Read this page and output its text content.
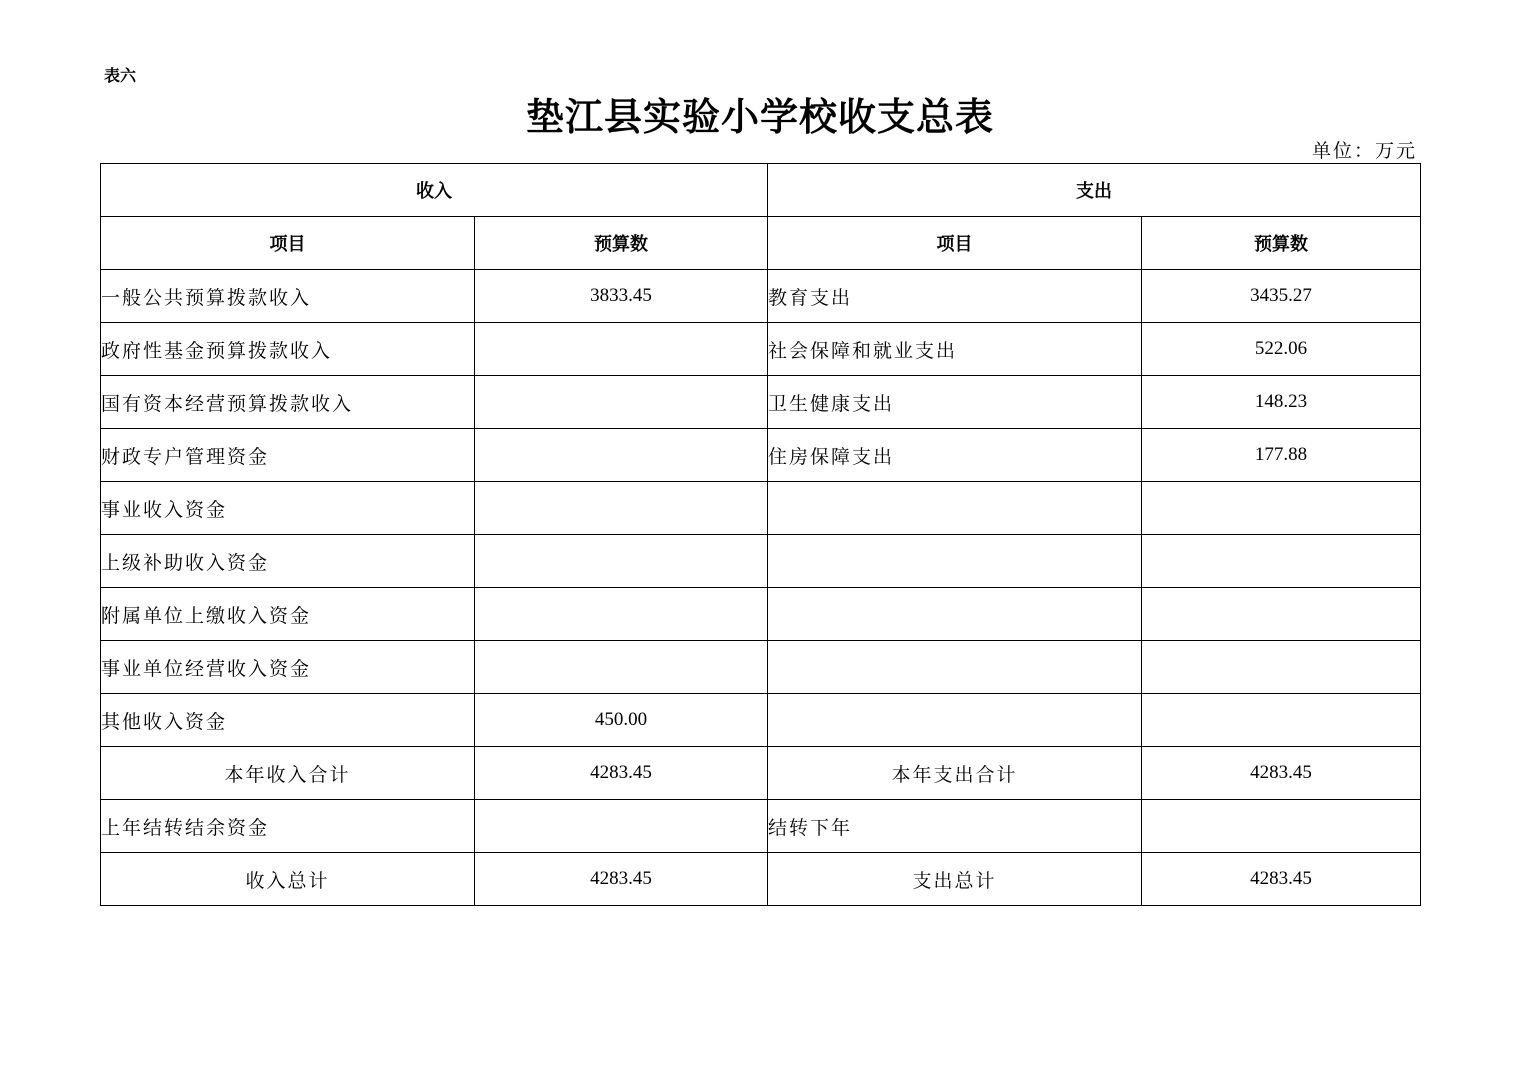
表六
垫江县实验小学校收支总表
单位：万元
收入		支出	
项目	预算数	项目	预算数
一般公共预算拨款收入	3833.45	教育支出	3435.27
政府性基金预算拨款收入		社会保障和就业支出	522.06
国有资本经营预算拨款收入		卫生健康支出	148.23
财政专户管理资金		住房保障支出	177.88
事业收入资金			
上级补助收入资金			
附属单位上缴收入资金			
事业单位经营收入资金			
其他收入资金	450.00		
本年收入合计	4283.45	本年支出合计	4283.45
上年结转结余资金		结转下年	
收入总计	4283.45	支出总计	4283.45
